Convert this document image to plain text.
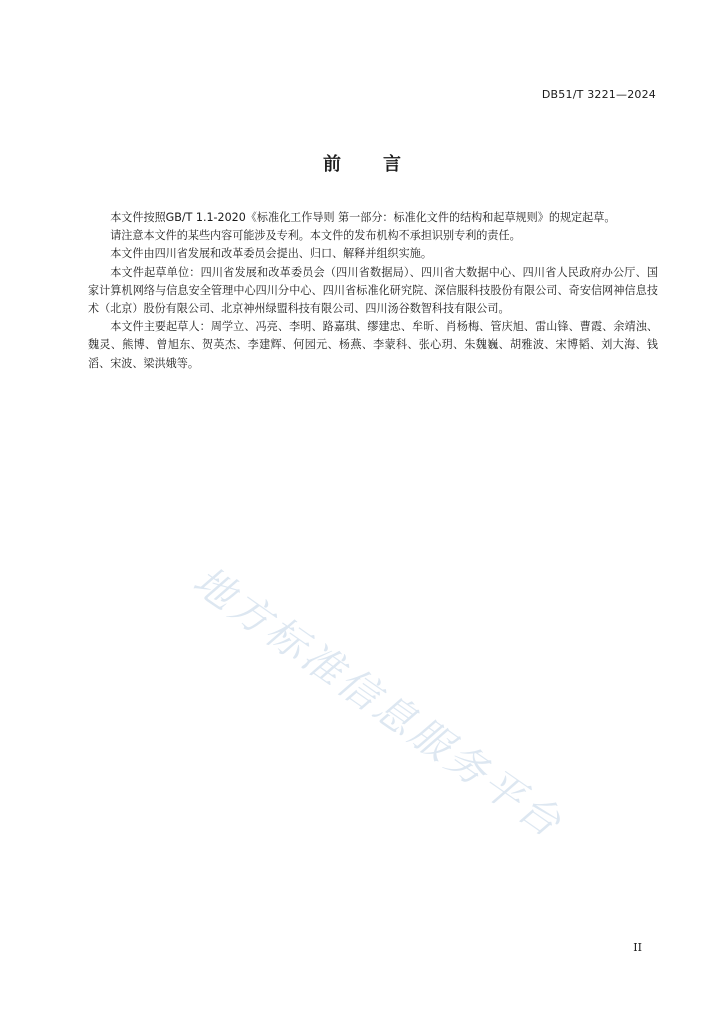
DB51/T 3221—2024
前 言

本文件按照GB/T 1.1-2020《标准化工作导则 第一部分：标准化文件的结构和起草规则》的规定起草。

请注意本文件的某些内容可能涉及专利。本文件的发布机构不承担识别专利的责任。

本文件由四川省发展和改革委员会提出、归口、解释并组织实施。

本文件起草单位：四川省发展和改革委员会（四川省数据局）、四川省大数据中心、四川省人民政府办公厅、国家计算机网络与信息安全管理中心四川分中心、四川省标准化研究院、深信服科技股份有限公司、奇安信网神信息技术（北京）股份有限公司、北京神州绿盟科技有限公司、四川汤谷数智科技有限公司。

本文件主要起草人：周学立、冯亮、李明、路嘉琪、缪建忠、牟昕、肖杨梅、管庆旭、雷山锋、曹霞、余靖浊、魏灵、熊博、曾旭东、贺英杰、李建辉、何园元、杨燕、李蒙科、张心玥、朱魏巍、胡雅波、宋博韬、刘大海、钱滔、宋波、梁洪娥等。

地方标准信息服务平台
II
